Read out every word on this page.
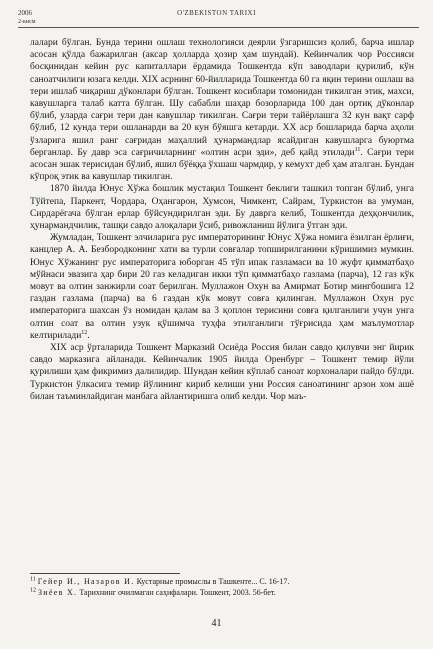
2006
2-кисм
O'ZBEKISTON TARIXI

лалари бўлган. Бунда терини ошлаш технологияси деярли ўзгаришсиз қолиб, барча ишлар асосан қўлда бажарилган (аксар ҳолларда ҳозир ҳам шундай). Кейинчалик чор Россияси босқинидан кейин рус капиталлари ёрдамида Тошкентда кўп заводлари қурилиб, кўн саноатчилиги юзага келди. XIX асрнинг 60-йилларида Тошкентда 60 га яқин терини ошлаш ва тери ишлаб чиқариш дўконлари бўлган. Тошкент косиблари томонидан тикилган этик, махси, кавушларга талаб катта бўлган. Шу сабабли шаҳар бозорларида 100 дан ортиқ дўконлар бўлиб, уларда сағри тери дан кавушлар тикилган. Сағри тери тайёрлашга 32 кун вақт сарф бўлиб, 12 кунда тери ошланарди ва 20 кун бўяшга кетарди. XX аср бошларида барча аҳоли ўзларига яшил ранг сағридан маҳаллий ҳунармандлар ясайдиган кавушларга буюртма берганлар. Бу давр эса сағричиларнинг «олтин асри эди», деб қайд этилади$^{11}$. Сағри тери асосан эшак терисидан бўлиб, яшил бўёққа ўхшаш чармдир, у кемухт деб ҳам аталган. Бундан кўпроқ этик ва кавушлар тикилган.

1870 йилда Юнус Хўжа бошлик мустақил Тошкент беклиги ташкил топган бўлиб, унга Тўйтепа, Паркент, Чордара, Оҳангарон, Хумсон, Чимкент, Сайрам, Туркистон ва умуман, Сирдарёгача бўлган ерлар бўйсундирилган эди. Бу даврга келиб, Тошкентда деҳқончилик, ҳунармандчилик, ташқи савдо алоқалари ўсиб, ривожланиш йўлига ўтган эди.

Жумладан, Тошкент элчиларига рус императорининг Юнус Хўжа номига ёзилган ёрлиғи, канцлер А. А. Безбородконинг хати ва турли совғалар топширилганини кўришимиз мумкин. Юнус Хўжанинг рус императорига юборган 45 тўп ипак газламаси ва 10 жуфт қимматбаҳо мўйнаси эвазига ҳар бири 20 газ келадиган икки тўп қимматбаҳо газлама (парча), 12 газ кўк мовут ва олтин занжирли соат берилган. Муллажон Охун ва Амирмат Ботир мингбошига 12 газдан газлама (парча) ва 6 газдан кўк мовут совға қилинган. Муллажон Охун рус императорига шахсан ўз номидан қалам ва 3 қоплон терисини совға қилганлиги учун унга олтин соат ва олтин узук қўшимча туҳфа этилганлиги тўғрисида ҳам маълумотлар келтирилади$^{12}$.

XIX аср ўрталарида Тошкент Марказий Осиёда Россия билан савдо қилувчи энг йирик савдо марказига айланади. Кейинчалик 1905 йилда Оренбург – Тошкент темир йўли қурилиши ҳам фикримиз далилидир. Шундан кейин кўплаб саноат корхоналари пайдо бўлди. Туркистон ўлкасига темир йўлининг кириб келиши уни Россия саноатининг арзон хом ашё билан таъминлайдиган манбага айлантиришга олиб келди. Чор маъ-

$^{11}$ Гейер И., Назаров И. Кустарные промыслы в Ташкенте... С. 16-17.

$^{12}$ Зиёев Х. Тарихнинг очилмаган саҳифалари. Тошкент, 2003. 56-бет.

41
